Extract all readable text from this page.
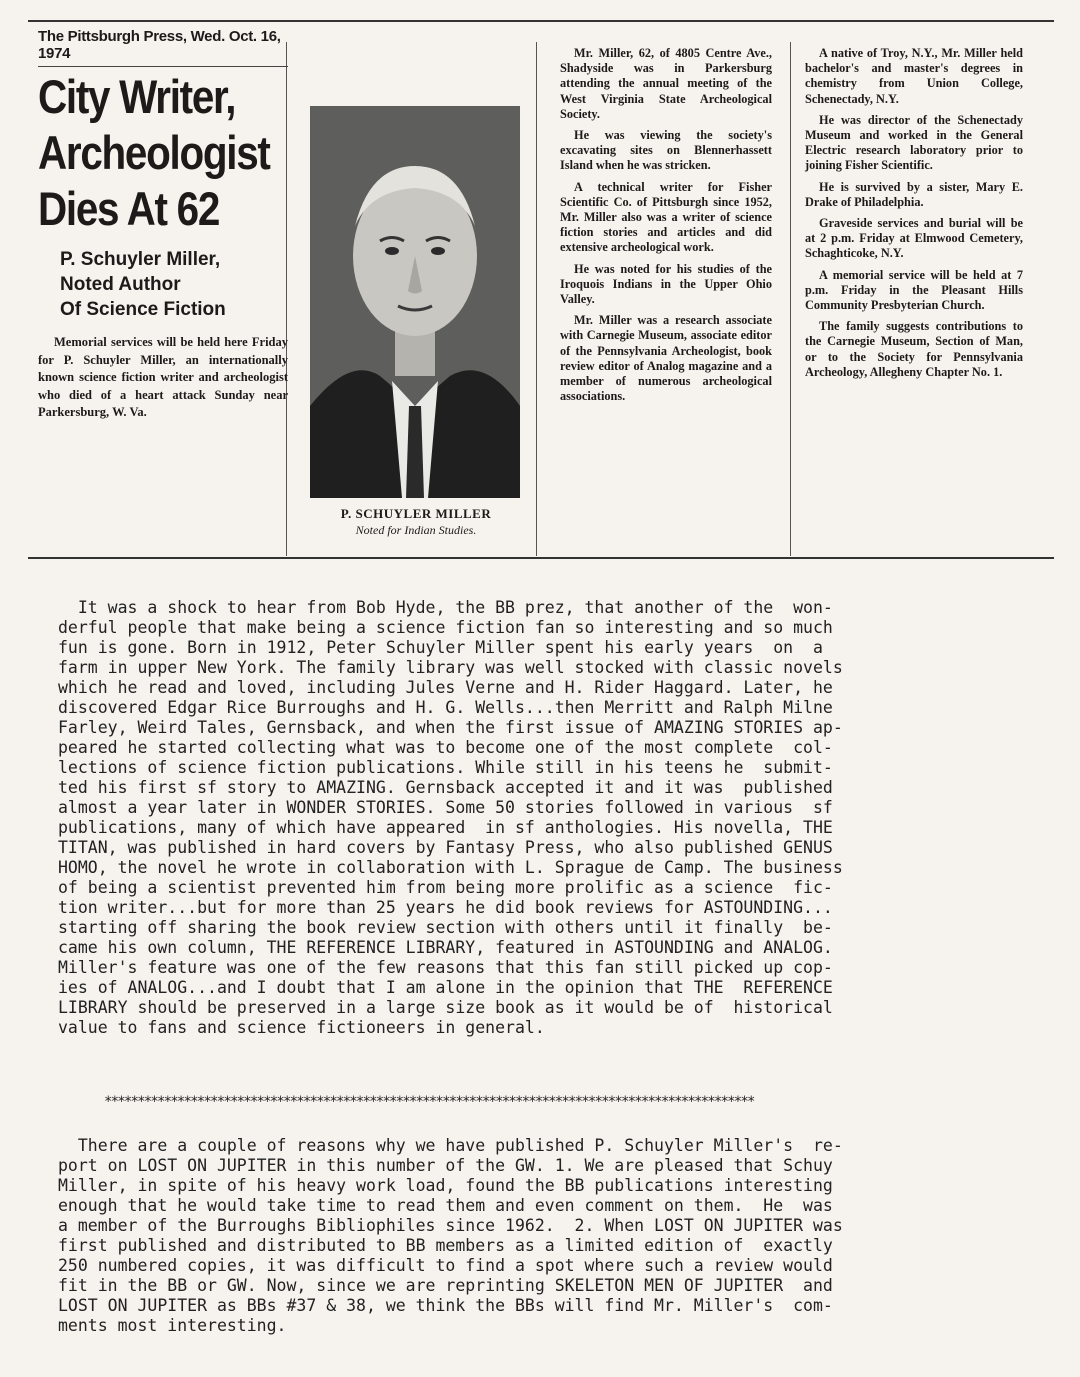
The Pittsburgh Press, Wed. Oct. 16, 1974

City Writer,
Archeologist
Dies At 62
P. Schuyler Miller,
Noted Author
Of Science Fiction

Memorial services will be held here Friday for P. Schuyler Miller, an internationally known science fiction writer and archeologist who died of a heart attack Sunday near Parkersburg, W. Va.

P. SCHUYLER MILLER

Noted for Indian Studies.

Mr. Miller, 62, of 4805 Centre Ave., Shadyside was in Parkersburg attending the annual meeting of the West Virginia State Archeological Society.

He was viewing the society's excavating sites on Blennerhassett Island when he was stricken.

A technical writer for Fisher Scientific Co. of Pittsburgh since 1952, Mr. Miller also was a writer of science fiction stories and articles and did extensive archeological work.

He was noted for his studies of the Iroquois Indians in the Upper Ohio Valley.

Mr. Miller was a research associate with Carnegie Museum, associate editor of the Pennsylvania Archeologist, book review editor of Analog magazine and a member of numerous archeological associations.

A native of Troy, N.Y., Mr. Miller held bachelor's and master's degrees in chemistry from Union College, Schenectady, N.Y.

He was director of the Schenectady Museum and worked in the General Electric research laboratory prior to joining Fisher Scientific.

He is survived by a sister, Mary E. Drake of Philadelphia.

Graveside services and burial will be at 2 p.m. Friday at Elmwood Cemetery, Schaghticoke, N.Y.

A memorial service will be held at 7 p.m. Friday in the Pleasant Hills Community Presbyterian Church.

The family suggests contributions to the Carnegie Museum, Section of Man, or to the Society for Pennsylvania Archeology, Allegheny Chapter No. 1.

It was a shock to hear from Bob Hyde, the BB prez, that another of the  won-
derful people that make being a science fiction fan so interesting and so much
fun is gone. Born in 1912, Peter Schuyler Miller spent his early years  on  a
farm in upper New York. The family library was well stocked with classic novels
which he read and loved, including Jules Verne and H. Rider Haggard. Later, he
discovered Edgar Rice Burroughs and H. G. Wells...then Merritt and Ralph Milne
Farley, Weird Tales, Gernsback, and when the first issue of AMAZING STORIES ap-
peared he started collecting what was to become one of the most complete  col-
lections of science fiction publications. While still in his teens he  submit-
ted his first sf story to AMAZING. Gernsback accepted it and it was  published
almost a year later in WONDER STORIES. Some 50 stories followed in various  sf
publications, many of which have appeared  in sf anthologies. His novella, THE
TITAN, was published in hard covers by Fantasy Press, who also published GENUS
HOMO, the novel he wrote in collaboration with L. Sprague de Camp. The business
of being a scientist prevented him from being more prolific as a science  fic-
tion writer...but for more than 25 years he did book reviews for ASTOUNDING...
starting off sharing the book review section with others until it finally  be-
came his own column, THE REFERENCE LIBRARY, featured in ASTOUNDING and ANALOG.
Miller's feature was one of the few reasons that this fan still picked up cop-
ies of ANALOG...and I doubt that I am alone in the opinion that THE  REFERENCE
LIBRARY should be preserved in a large size book as it would be of  historical
value to fans and science fictioneers in general.

**************************************************************************************************

There are a couple of reasons why we have published P. Schuyler Miller's  re-
port on LOST ON JUPITER in this number of the GW. 1. We are pleased that Schuy
Miller, in spite of his heavy work load, found the BB publications interesting
enough that he would take time to read them and even comment on them.  He  was
a member of the Burroughs Bibliophiles since 1962.  2. When LOST ON JUPITER was
first published and distributed to BB members as a limited edition of  exactly
250 numbered copies, it was difficult to find a spot where such a review would
fit in the BB or GW. Now, since we are reprinting SKELETON MEN OF JUPITER  and
LOST ON JUPITER as BBs #37 & 38, we think the BBs will find Mr. Miller's  com-
ments most interesting.
